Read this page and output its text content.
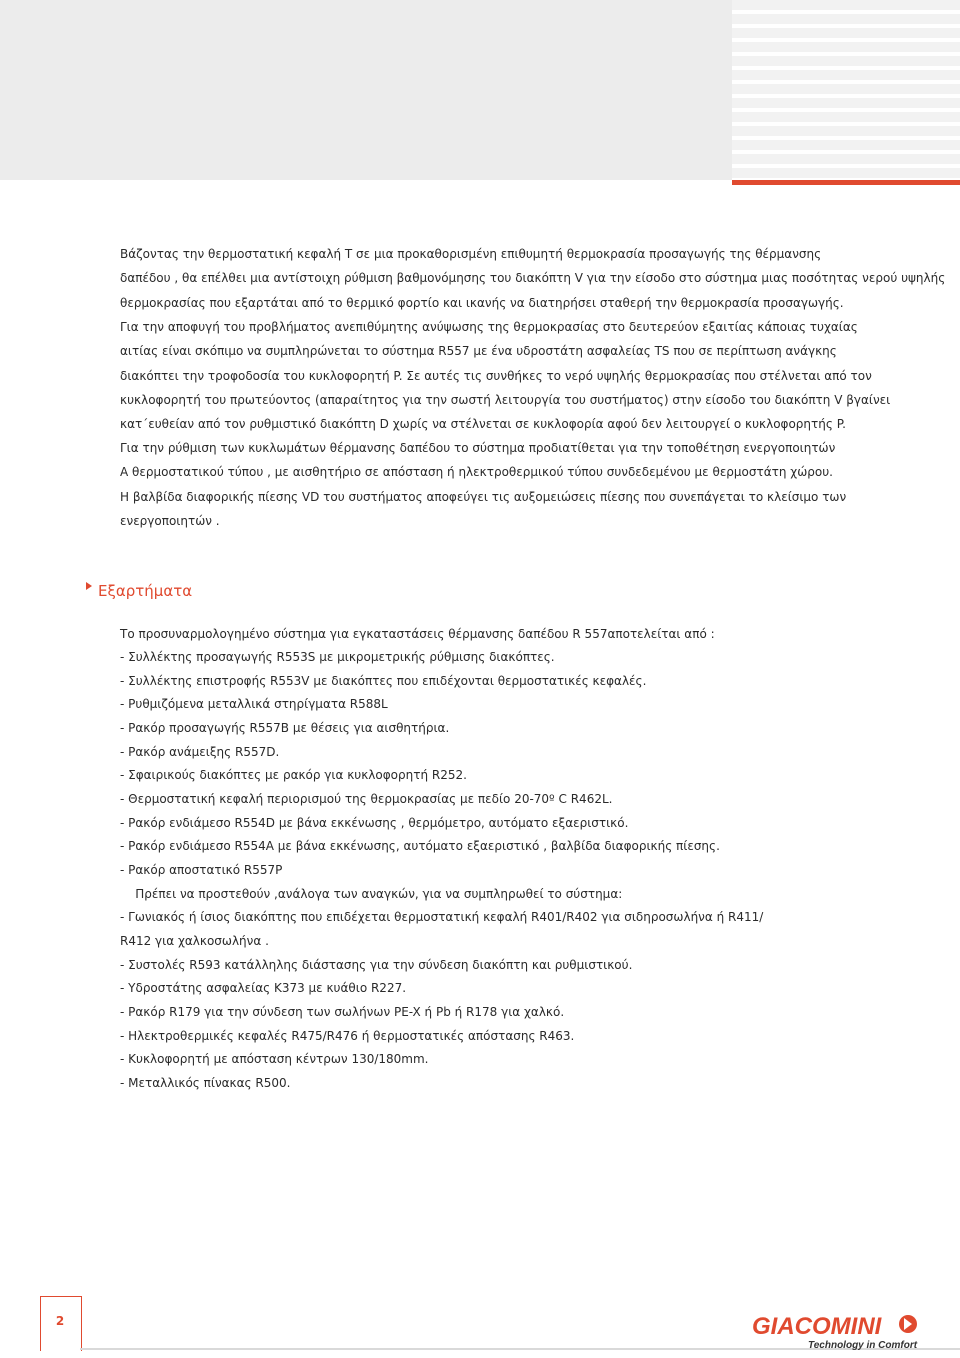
Βάζοντας την θερμοστατική κεφαλή T σε μια προκαθορισμένη επιθυμητή θερμοκρασία προσαγωγής της θέρμανσης
δαπέδου , θα επέλθει μια αντίστοιχη ρύθμιση βαθμονόμησης του διακόπτη V για την είσοδο στο σύστημα μιας ποσότητας νερού υψηλής
θερμοκρασίας που εξαρτάται από το θερμικό φορτίο και ικανής να διατηρήσει σταθερή την θερμοκρασία προσαγωγής.

Για την αποφυγή του προβλήματος ανεπιθύμητης ανύψωσης της θερμοκρασίας στο δευτερεύον εξαιτίας κάποιας τυχαίας
αιτίας είναι σκόπιμο να συμπληρώνεται το σύστημα R557 με ένα υδροστάτη ασφαλείας TS που σε περίπτωση ανάγκης
διακόπτει την τροφοδοσία του κυκλοφορητή P. Σε αυτές τις συνθήκες το νερό υψηλής θερμοκρασίας που στέλνεται από τον
κυκλοφορητή του πρωτεύοντος (απαραίτητος για την σωστή λειτουργία του συστήματος) στην είσοδο του διακόπτη V βγαίνει
κατ΄ευθείαν από τον ρυθμιστικό διακόπτη D χωρίς να στέλνεται σε κυκλοφορία αφού δεν λειτουργεί ο κυκλοφορητής P.

Για την ρύθμιση των κυκλωμάτων θέρμανσης δαπέδου το σύστημα προδιατίθεται για την τοποθέτηση ενεργοποιητών
A θερμοστατικού τύπου , με αισθητήριο σε απόσταση ή ηλεκτροθερμικού τύπου συνδεδεμένου με θερμοστάτη χώρου.
Η βαλβίδα διαφορικής πίεσης VD του συστήματος αποφεύγει τις αυξομειώσεις πίεσης που συνεπάγεται το κλείσιμο των
ενεργοποιητών .

Εξαρτήματα

Το προσυναρμολογημένο σύστημα για εγκαταστάσεις θέρμανσης δαπέδου R 557αποτελείται από :

- Συλλέκτης προσαγωγής R553S με μικρομετρικής ρύθμισης διακόπτες.
- Συλλέκτης επιστροφής R553V με διακόπτες που επιδέχονται θερμοστατικές κεφαλές.
- Ρυθμιζόμενα μεταλλικά στηρίγματα R588L
- Ρακόρ προσαγωγής R557B με θέσεις για αισθητήρια.
- Ρακόρ ανάμειξης R557D.
- Σφαιρικούς διακόπτες με ρακόρ για κυκλοφορητή R252.
- Θερμοστατική κεφαλή περιορισμού της θερμοκρασίας με πεδίο 20-70º C R462L.
- Ρακόρ ενδιάμεσο R554D με βάνα εκκένωσης , θερμόμετρο, αυτόματο εξαεριστικό.
- Ρακόρ ενδιάμεσο R554A με βάνα εκκένωσης, αυτόματο εξαεριστικό , βαλβίδα διαφορικής πίεσης.
- Ρακόρ αποστατικό R557P
Πρέπει να προστεθούν ,ανάλογα των αναγκών, για να συμπληρωθεί το σύστημα:
- Γωνιακός ή ίσιος διακόπτης που επιδέχεται θερμοστατική κεφαλή R401/R402 για σιδηροσωλήνα ή R411/
R412 για χαλκοσωλήνα .
- Συστολές R593 κατάλληλης διάστασης για την σύνδεση διακόπτη και ρυθμιστικού.
- Υδροστάτης ασφαλείας K373 με κυάθιο R227.
- Ρακόρ R179 για την σύνδεση των σωλήνων PE-X ή Pb ή R178 για χαλκό.
- Ηλεκτροθερμικές κεφαλές R475/R476 ή θερμοστατικές απόστασης R463.
- Κυκλοφορητή με απόσταση κέντρων 130/180mm.
- Μεταλλικός πίνακας R500.
2	GIACOMINI
Technology in Comfort
